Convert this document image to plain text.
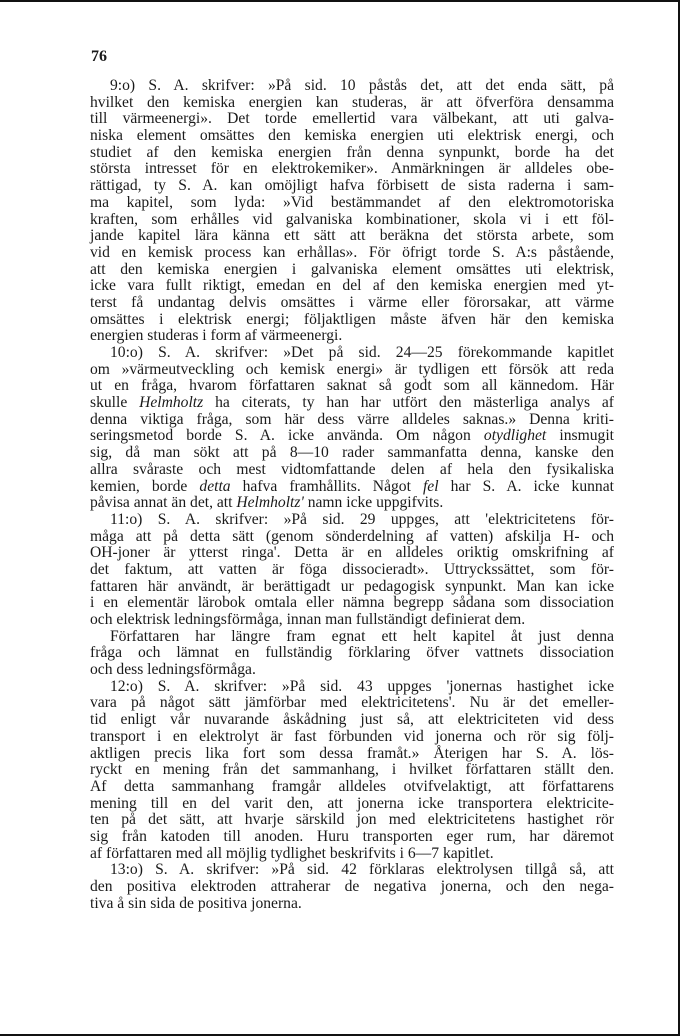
76
9:o) S. A. skrifver: »På sid. 10 påstås det, att det enda sätt, på
hvilket den kemiska energien kan studeras, är att öfverföra densamma
till värmeenergi». Det torde emellertid vara välbekant, att uti galva-
niska element omsättes den kemiska energien uti elektrisk energi, och
studiet af den kemiska energien från denna synpunkt, borde ha det
största intresset för en elektrokemiker». Anmärkningen är alldeles obe-
rättigad, ty S. A. kan omöjligt hafva förbisett de sista raderna i sam-
ma kapitel, som lyda: »Vid bestämmandet af den elektromotoriska
kraften, som erhålles vid galvaniska kombinationer, skola vi i ett föl-
jande kapitel lära känna ett sätt att beräkna det största arbete, som
vid en kemisk process kan erhållas». För öfrigt torde S. A:s påstående,
att den kemiska energien i galvaniska element omsättes uti elektrisk,
icke vara fullt riktigt, emedan en del af den kemiska energien med yt-
terst få undantag delvis omsättes i värme eller förorsakar, att värme
omsättes i elektrisk energi; följaktligen måste äfven här den kemiska
energien studeras i form af värmeenergi.
10:o) S. A. skrifver: »Det på sid. 24—25 förekommande kapitlet
om »värmeutveckling och kemisk energi» är tydligen ett försök att reda
ut en fråga, hvarom författaren saknat så godt som all kännedom. Här
skulle Helmholtz ha citerats, ty han har utfört den mästerliga analys af
denna viktiga fråga, som här dess värre alldeles saknas.» Denna kriti-
seringsmetod borde S. A. icke använda. Om någon otydlighet insmugit
sig, då man sökt att på 8—10 rader sammanfatta denna, kanske den
allra svåraste och mest vidtomfattande delen af hela den fysikaliska
kemien, borde detta hafva framhållits. Något fel har S. A. icke kunnat
påvisa annat än det, att Helmholtz' namn icke uppgifvits.
11:o) S. A. skrifver: »På sid. 29 uppges, att 'elektricitetens för-
måga att på detta sätt (genom sönderdelning af vatten) afskilja H- och
OH-joner är ytterst ringa'. Detta är en alldeles oriktig omskrifning af
det faktum, att vatten är föga dissocieradt». Uttryckssättet, som för-
fattaren här användt, är berättigadt ur pedagogisk synpunkt. Man kan icke
i en elementär lärobok omtala eller nämna begrepp sådana som dissociation
och elektrisk ledningsförmåga, innan man fullständigt definierat dem.
Författaren har längre fram egnat ett helt kapitel åt just denna
fråga och lämnat en fullständig förklaring öfver vattnets dissociation
och dess ledningsförmåga.
12:o) S. A. skrifver: »På sid. 43 uppges 'jonernas hastighet icke
vara på något sätt jämförbar med elektricitetens'. Nu är det emeller-
tid enligt vår nuvarande åskådning just så, att elektriciteten vid dess
transport i en elektrolyt är fast förbunden vid jonerna och rör sig följ-
aktligen precis lika fort som dessa framåt.» Återigen har S. A. lös-
ryckt en mening från det sammanhang, i hvilket författaren ställt den.
Af detta sammanhang framgår alldeles otvifvelaktigt, att författarens
mening till en del varit den, att jonerna icke transportera elektricite-
ten på det sätt, att hvarje särskild jon med elektricitetens hastighet rör
sig från katoden till anoden. Huru transporten eger rum, har däremot
af författaren med all möjlig tydlighet beskrifvits i 6—7 kapitlet.
13:o) S. A. skrifver: »På sid. 42 förklaras elektrolysen tillgå så, att
den positiva elektroden attraherar de negativa jonerna, och den nega-
tiva å sin sida de positiva jonerna.
